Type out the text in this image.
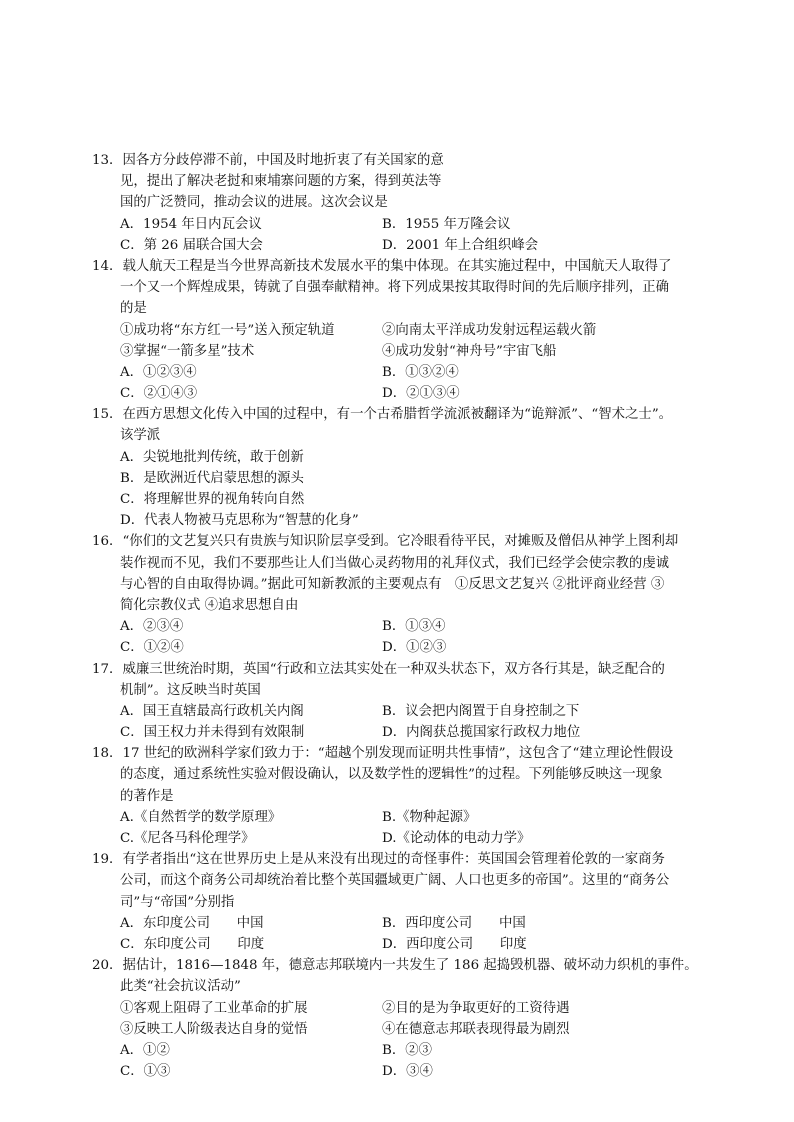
13．因各方分歧停滞不前，中国及时地折衷了有关国家的意
见，提出了解决老挝和柬埔寨问题的方案，得到英法等
国的广泛赞同，推动会议的进展。这次会议是
A．1954 年日内瓦会议	B．1955 年万隆会议
C．第 26 届联合国大会	D．2001 年上合组织峰会
14．载人航天工程是当今世界高新技术发展水平的集中体现。在其实施过程中，中国航天人取得了
一个又一个辉煌成果，铸就了自强奉献精神。将下列成果按其取得时间的先后顺序排列，正确
的是
①成功将“东方红一号”送入预定轨道	②向南太平洋成功发射远程运载火箭
③掌握“一箭多星”技术	④成功发射“神舟号”宇宙飞船
A．①②③④	B．①③②④
C．②①④③	D．②①③④
15．在西方思想文化传入中国的过程中，有一个古希腊哲学流派被翻译为“诡辩派”、“智术之士”。
该学派
A．尖锐地批判传统，敢于创新
B．是欧洲近代启蒙思想的源头
C．将理解世界的视角转向自然
D．代表人物被马克思称为“智慧的化身”
16．“你们的文艺复兴只有贵族与知识阶层享受到。它冷眼看待平民，对摊贩及僧侣从神学上图利却
装作视而不见，我们不要那些让人们当做心灵药物用的礼拜仪式，我们已经学会使宗教的虔诚
与心智的自由取得协调。”据此可知新教派的主要观点有　①反思文艺复兴 ②批评商业经营 ③
简化宗教仪式 ④追求思想自由
A．②③④	B．①③④
C．①②④	D．①②③
17．威廉三世统治时期，英国“行政和立法其实处在一种双头状态下，双方各行其是，缺乏配合的
机制”。这反映当时英国
A．国王直辖最高行政机关内阁	B．议会把内阁置于自身控制之下
C．国王权力并未得到有效限制	D．内阁获总揽国家行政权力地位
18．17 世纪的欧洲科学家们致力于：“超越个别发现而证明共性事情”，这包含了“建立理论性假设
的态度，通过系统性实验对假设确认，以及数学性的逻辑性”的过程。下列能够反映这一现象
的著作是
A.《自然哲学的数学原理》	B.《物种起源》
C.《尼各马科伦理学》	D.《论动体的电动力学》
19．有学者指出“这在世界历史上是从来没有出现过的奇怪事件：英国国会管理着伦敦的一家商务
公司，而这个商务公司却统治着比整个英国疆域更广阔、人口也更多的帝国”。这里的“商务公
司”与“帝国”分别指
A．东印度公司　　中国	B．西印度公司　　中国
C．东印度公司　　印度	D．西印度公司　　印度
20．据估计，1816—1848 年，德意志邦联境内一共发生了 186 起捣毁机器、破坏动力织机的事件。
此类“社会抗议活动”
①客观上阻碍了工业革命的扩展	②目的是为争取更好的工资待遇
③反映工人阶级表达自身的觉悟	④在德意志邦联表现得最为剧烈
A．①②	B．②③
C．①③	D．③④
